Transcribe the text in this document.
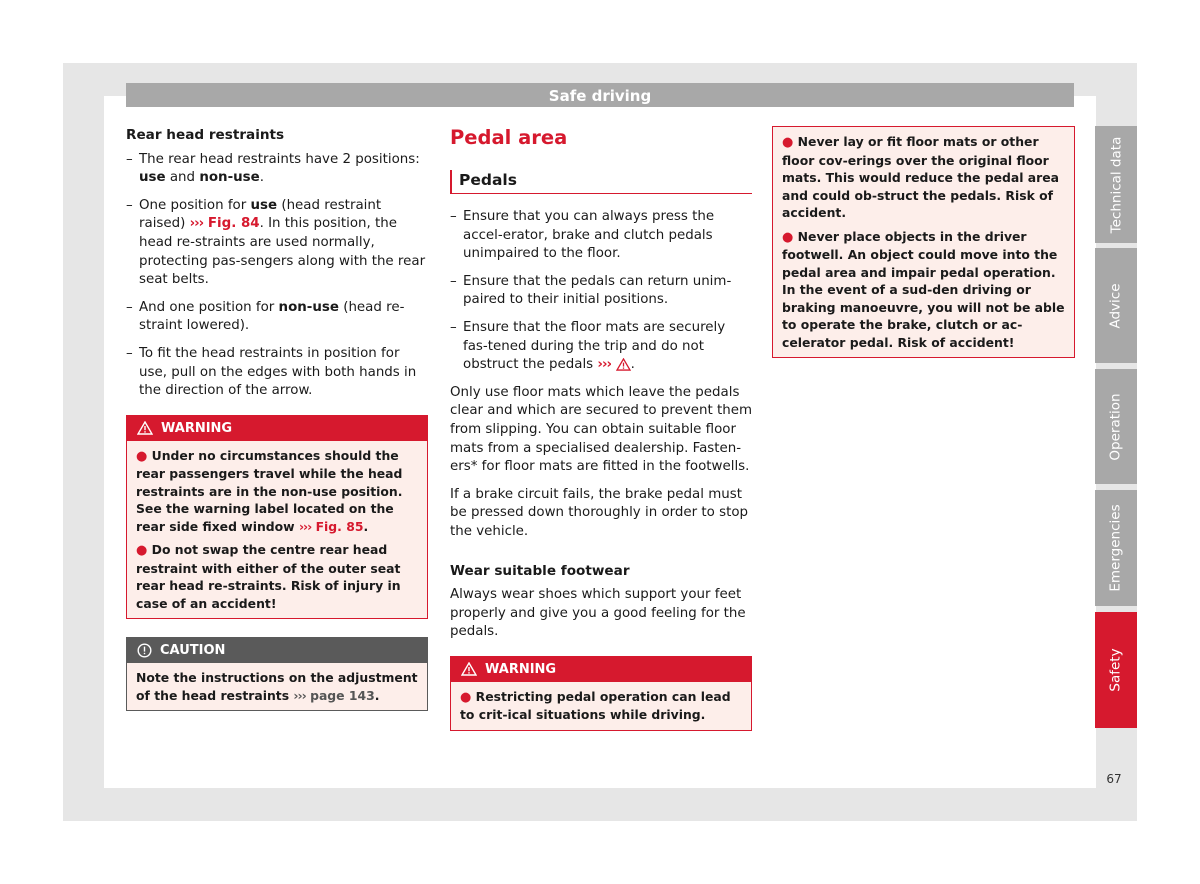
Safe driving
Rear head restraints
– The rear head restraints have 2 positions: use and non-use.
– One position for use (head restraint raised) ››› Fig. 84. In this position, the head re-straints are used normally, protecting pas-sengers along with the rear seat belts.
– And one position for non-use (head re-straint lowered).
– To fit the head restraints in position for use, pull on the edges with both hands in the direction of the arrow.
WARNING
● Under no circumstances should the rear passengers travel while the head restraints are in the non-use position. See the warning label located on the rear side fixed window ››› Fig. 85.
● Do not swap the centre rear head restraint with either of the outer seat rear head re-straints. Risk of injury in case of an accident!
CAUTION
Note the instructions on the adjustment of the head restraints ››› page 143.
Pedal area
Pedals
– Ensure that you can always press the accel-erator, brake and clutch pedals unimpaired to the floor.
– Ensure that the pedals can return unim-paired to their initial positions.
– Ensure that the floor mats are securely fas-tened during the trip and do not obstruct the pedals ››› .
Only use floor mats which leave the pedals clear and which are secured to prevent them from slipping. You can obtain suitable floor mats from a specialised dealership. Fasten-ers* for floor mats are fitted in the footwells.
If a brake circuit fails, the brake pedal must be pressed down thoroughly in order to stop the vehicle.
Wear suitable footwear
Always wear shoes which support your feet properly and give you a good feeling for the pedals.
WARNING
● Restricting pedal operation can lead to crit-ical situations while driving.
● Never lay or fit floor mats or other floor cov-erings over the original floor mats. This would reduce the pedal area and could ob-struct the pedals. Risk of accident.
● Never place objects in the driver footwell. An object could move into the pedal area and impair pedal operation. In the event of a sud-den driving or braking manoeuvre, you will not be able to operate the brake, clutch or ac-celerator pedal. Risk of accident!
Technical data
Advice
Operation
Emergencies
Safety
67
